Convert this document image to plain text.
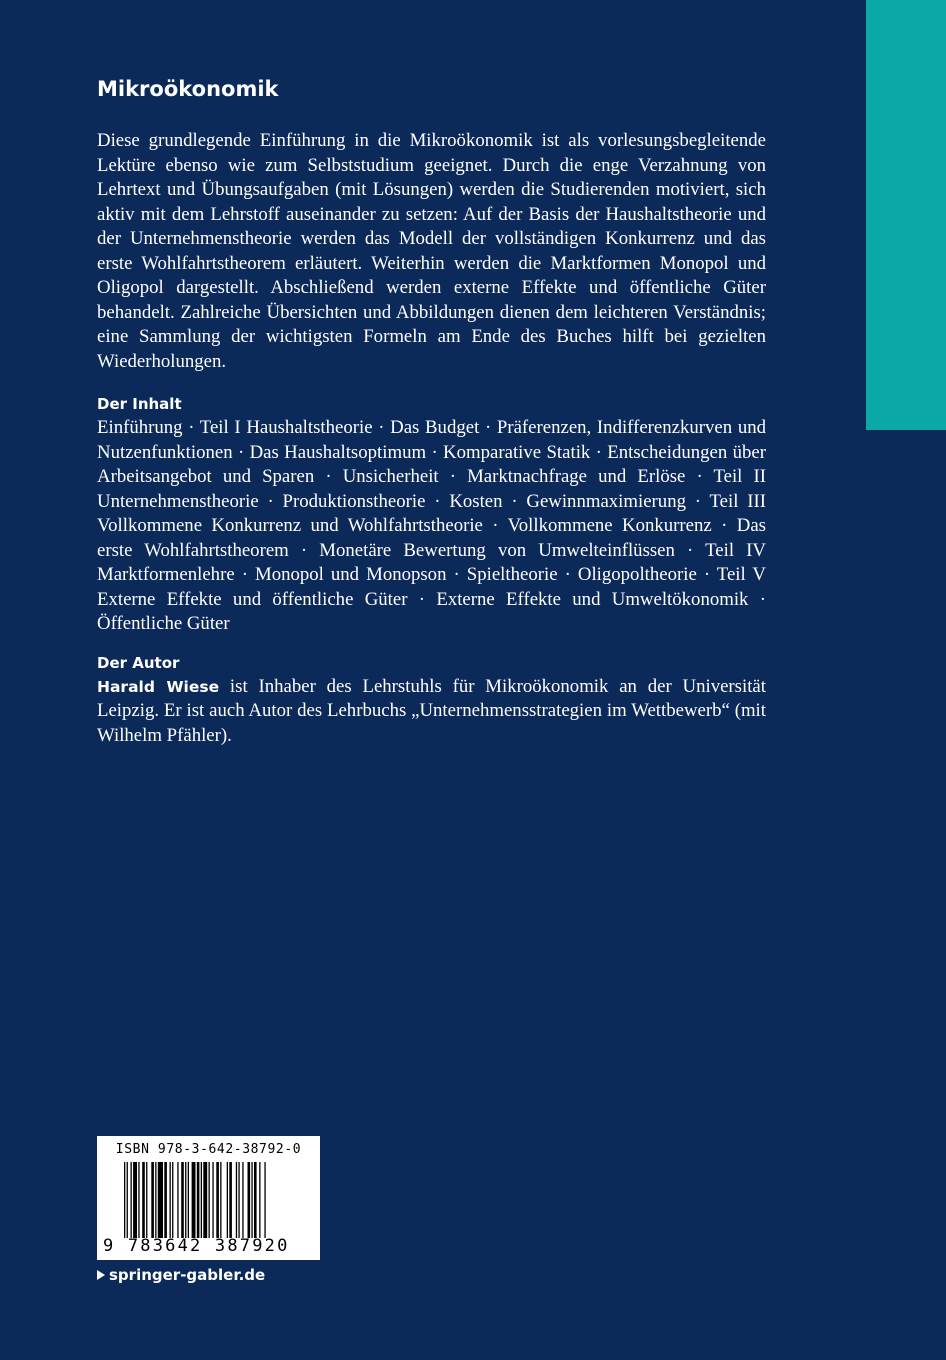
Mikroökonomik

Diese grundlegende Einführung in die Mikroökonomik ist als vorlesungsbegleitende Lektüre ebenso wie zum Selbststudium geeignet. Durch die enge Verzahnung von Lehrtext und Übungsaufgaben (mit Lösungen) werden die Studierenden motiviert, sich aktiv mit dem Lehrstoff auseinander zu setzen: Auf der Basis der Haushaltstheorie und der Unternehmenstheorie werden das Modell der vollständigen Konkurrenz und das erste Wohlfahrtstheorem erläutert. Weiterhin werden die Marktformen Monopol und Oligopol dargestellt. Abschließend werden externe Effekte und öffentliche Güter behandelt. Zahlreiche Übersichten und Abbildungen dienen dem leichteren Verständnis; eine Sammlung der wichtigsten Formeln am Ende des Buches hilft bei gezielten Wiederholungen.

Der Inhalt

Einführung · Teil I Haushaltstheorie · Das Budget · Präferenzen, Indifferenzkurven und Nutzenfunktionen · Das Haushaltsoptimum · Komparative Statik · Entscheidungen über Arbeitsangebot und Sparen · Unsicherheit · Marktnachfrage und Erlöse · Teil II Unternehmenstheorie · Produktionstheorie · Kosten · Gewinnmaximierung · Teil III Vollkommene Konkurrenz und Wohlfahrtstheorie · Vollkommene Konkurrenz · Das erste Wohlfahrtstheorem · Monetäre Bewertung von Umwelteinflüssen · Teil IV Marktformenlehre · Monopol und Monopson · Spieltheorie · Oligopoltheorie · Teil V Externe Effekte und öffentliche Güter · Externe Effekte und Umweltökonomik · Öffentliche Güter

Der Autor

Harald Wiese ist Inhaber des Lehrstuhls für Mikroökonomik an der Universität Leipzig. Er ist auch Autor des Lehrbuchs „Unternehmensstrategien im Wettbewerb“ (mit Wilhelm Pfähler).

ISBN 978-3-642-38792-0
9 783642 387920
springer-gabler.de
